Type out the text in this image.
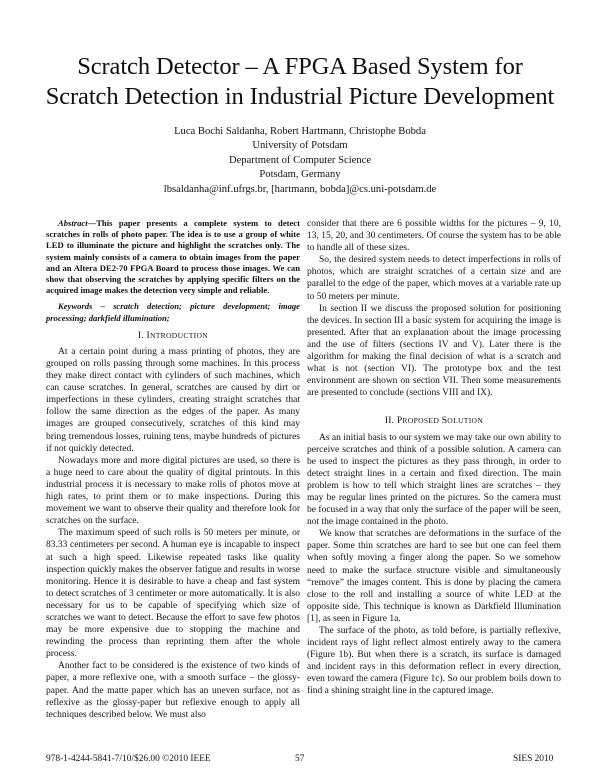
Scratch Detector – A FPGA Based System for
Scratch Detection in Industrial Picture Development
Luca Bochi Saldanha, Robert Hartmann, Christophe Bobda
University of Potsdam
Department of Computer Science
Potsdam, Germany
lbsaldanha@inf.ufrgs.br, [hartmann, bobda]@cs.uni-potsdam.de

Abstract—This paper presents a complete system to detect scratches in rolls of photo paper. The idea is to use a group of white LED to illuminate the picture and highlight the scratches only. The system mainly consists of a camera to obtain images from the paper and an Altera DE2-70 FPGA Board to process those images. We can show that observing the scratches by applying specific filters on the acquired image makes the detection very simple and reliable.

Keywords – scratch detection; picture development; image processing; darkfield illumination;

I. INTRODUCTION

At a certain point during a mass printing of photos, they are grouped on rolls passing through some machines. In this process they make direct contact with cylinders of such machines, which can cause scratches. In general, scratches are caused by dirt or imperfections in these cylinders, creating straight scratches that follow the same direction as the edges of the paper. As many images are grouped consecutively, scratches of this kind may bring tremendous losses, ruining tens, maybe hundreds of pictures if not quickly detected.

Nowadays more and more digital pictures are used, so there is a huge need to care about the quality of digital printouts. In this industrial process it is necessary to make rolls of photos move at high rates, to print them or to make inspections. During this movement we want to observe their quality and therefore look for scratches on the surface.

The maximum speed of such rolls is 50 meters per minute, or 83.33 centimeters per second. A human eye is incapable to inspect at such a high speed. Likewise repeated tasks like quality inspection quickly makes the observer fatigue and results in worse monitoring. Hence it is desirable to have a cheap and fast system to detect scratches of 3 centimeter or more automatically. It is also necessary for us to be capable of specifying which size of scratches we want to detect. Because the effort to save few photos may be more expensive due to stopping the machine and rewinding the process than reprinting them after the whole process.

Another fact to be considered is the existence of two kinds of paper, a more reflexive one, with a smooth surface – the glossy-paper. And the matte paper which has an uneven surface, not as reflexive as the glossy-paper but reflexive enough to apply all techniques described below. We must also

consider that there are 6 possible widths for the pictures – 9, 10, 13, 15, 20, and 30 centimeters. Of course the system has to be able to handle all of these sizes.

So, the desired system needs to detect imperfections in rolls of photos, which are straight scratches of a certain size and are parallel to the edge of the paper, which moves at a variable rate up to 50 meters per minute.

In section II we discuss the proposed solution for positioning the devices. In section III a basic system for acquiring the image is presented. After that an explanation about the image processing and the use of filters (sections IV and V). Later there is the algorithm for making the final decision of what is a scratch and what is not (section VI). The prototype box and the test environment are shown on section VII. Then some measurements are presented to conclude (sections VIII and IX).

II. PROPOSED SOLUTION

As an initial basis to our system we may take our own ability to perceive scratches and think of a possible solution. A camera can be used to inspect the pictures as they pass through, in order to detect straight lines in a certain and fixed direction. The main problem is how to tell which straight lines are scratches – they may be regular lines printed on the pictures. So the camera must be focused in a way that only the surface of the paper will be seen, not the image contained in the photo.

We know that scratches are deformations in the surface of the paper. Some thin scratches are hard to see but one can feel them when softly moving a finger along the paper. So we somehow need to make the surface structure visible and simultaneously “remove” the images content. This is done by placing the camera close to the roll and installing a source of white LED at the opposite side. This technique is known as Darkfield Illumination [1], as seen in Figure 1a.

The surface of the photo, as told before, is partially reflexive, incident rays of light reflect almost entirely away to the camera (Figure 1b). But when there is a scratch, its surface is damaged and incident rays in this deformation reflect in every direction, even toward the camera (Figure 1c). So our problem boils down to find a shining straight line in the captured image.

978-1-4244-5841-7/10/$26.00 ©2010 IEEE	57	SIES 2010
